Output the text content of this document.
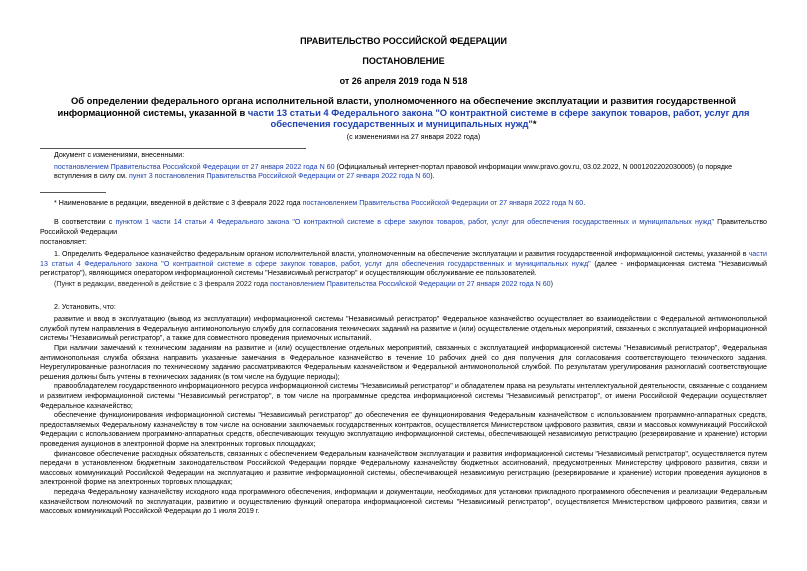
ПРАВИТЕЛЬСТВО РОССИЙСКОЙ ФЕДЕРАЦИИ

ПОСТАНОВЛЕНИЕ

от 26 апреля 2019 года N 518

Об определении федерального органа исполнительной власти, уполномоченного на обеспечение эксплуатации и развития государственной информационной системы, указанной в части 13 статьи 4 Федерального закона "О контрактной системе в сфере закупок товаров, работ, услуг для обеспечения государственных и муниципальных нужд"*

(с изменениями на 27 января 2022 года)

Документ с изменениями, внесенными:

постановлением Правительства Российской Федерации от 27 января 2022 года N 60 (Официальный интернет-портал правовой информации www.pravo.gov.ru, 03.02.2022, N 0001202202030005) (о порядке вступления в силу см. пункт 3 постановления Правительства Российской Федерации от 27 января 2022 года N 60).

* Наименование в редакции, введенной в действие с 3 февраля 2022 года постановлением Правительства Российской Федерации от 27 января 2022 года N 60.

В соответствии с пунктом 1 части 14 статьи 4 Федерального закона "О контрактной системе в сфере закупок товаров, работ, услуг для обеспечения государственных и муниципальных нужд" Правительство Российской Федерации

постановляет:

1. Определить Федеральное казначейство федеральным органом исполнительной власти, уполномоченным на обеспечение эксплуатации и развития государственной информационной системы, указанной в части 13 статьи 4 Федерального закона "О контрактной системе в сфере закупок товаров, работ, услуг для обеспечения государственных и муниципальных нужд" (далее - информационная система "Независимый регистратор"), являющимся оператором информационной системы "Независимый регистратор" и осуществляющим обслуживание ее пользователей.

(Пункт в редакции, введенной в действие с 3 февраля 2022 года постановлением Правительства Российской Федерации от 27 января 2022 года N 60)

2. Установить, что:

развитие и ввод в эксплуатацию (вывод из эксплуатации) информационной системы "Независимый регистратор" Федеральное казначейство осуществляет во взаимодействии с Федеральной антимонопольной службой путем направления в Федеральную антимонопольную службу для согласования технических заданий на развитие и (или) осуществление отдельных мероприятий, связанных с эксплуатацией информационной системы "Независимый регистратор", а также для совместного проведения приемочных испытаний.

При наличии замечаний к техническим заданиям на развитие и (или) осуществление отдельных мероприятий, связанных с эксплуатацией информационной системы "Независимый регистратор", Федеральная антимонопольная служба обязана направить указанные замечания в Федеральное казначейство в течение 10 рабочих дней со дня получения для согласования соответствующего технического задания. Неурегулированные разногласия по техническому заданию рассматриваются Федеральным казначейством и Федеральной антимонопольной службой. По результатам урегулирования разногласий соответствующие решения должны быть учтены в технических заданиях (в том числе на будущие периоды);

правообладателем государственного информационного ресурса информационной системы "Независимый регистратор" и обладателем права на результаты интеллектуальной деятельности, связанные с созданием и развитием информационной системы "Независимый регистратор", в том числе на программные средства информационной системы "Независимый регистратор", от имени Российской Федерации осуществляет Федеральное казначейство;

обеспечение функционирования информационной системы "Независимый регистратор" до обеспечения ее функционирования Федеральным казначейством с использованием программно-аппаратных средств, предоставляемых Федеральному казначейству в том числе на основании заключаемых государственных контрактов, осуществляется Министерством цифрового развития, связи и массовых коммуникаций Российской Федерации с использованием программно-аппаратных средств, обеспечивающих текущую эксплуатацию информационной системы, обеспечивающей независимую регистрацию (резервирование и хранение) истории проведения аукционов в электронной форме на электронных торговых площадках;

финансовое обеспечение расходных обязательств, связанных с обеспечением Федеральным казначейством эксплуатации и развития информационной системы "Независимый регистратор", осуществляется путем передачи в установленном бюджетным законодательством Российской Федерации порядке Федеральному казначейству бюджетных ассигнований, предусмотренных Министерству цифрового развития, связи и массовых коммуникаций Российской Федерации на эксплуатацию и развитие информационной системы, обеспечивающей независимую регистрацию (резервирование и хранение) истории проведения аукционов в электронной форме на электронных торговых площадках;

передача Федеральному казначейству исходного кода программного обеспечения, информации и документации, необходимых для установки прикладного программного обеспечения и реализации Федеральным казначейством полномочий по эксплуатации, развитию и осуществлению функций оператора информационной системы "Независимый регистратор", осуществляется Министерством цифрового развития, связи и массовых коммуникаций Российской Федерации до 1 июля 2019 г.
